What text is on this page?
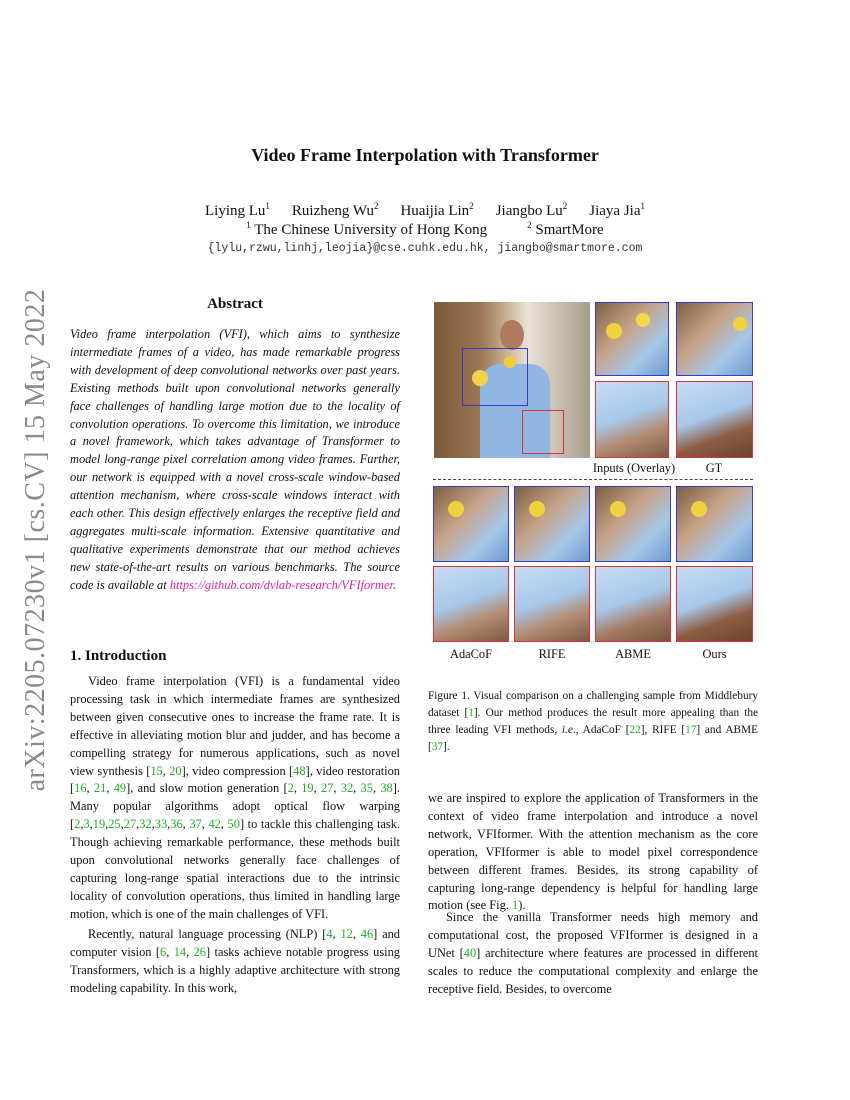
arXiv:2205.07230v1 [cs.CV] 15 May 2022
Video Frame Interpolation with Transformer
Liying Lu$^1$ Ruizheng Wu$^2$ Huaijia Lin$^2$ Jiangbo Lu$^2$ Jiaya Jia$^1$
$^1$ The Chinese University of Hong Kong	$^2$ SmartMore
{lylu,rzwu,linhj,leojia}@cse.cuhk.edu.hk, jiangbo@smartmore.com
Abstract
Video frame interpolation (VFI), which aims to synthesize intermediate frames of a video, has made remarkable progress with development of deep convolutional networks over past years. Existing methods built upon convolutional networks generally face challenges of handling large motion due to the locality of convolution operations. To overcome this limitation, we introduce a novel framework, which takes advantage of Transformer to model long-range pixel correlation among video frames. Further, our network is equipped with a novel cross-scale window-based attention mechanism, where cross-scale windows interact with each other. This design effectively enlarges the receptive field and aggregates multi-scale information. Extensive quantitative and qualitative experiments demonstrate that our method achieves new state-of-the-art results on various benchmarks. The source code is available at https://github.com/dvlab-research/VFIformer.
1. Introduction
Video frame interpolation (VFI) is a fundamental video processing task in which intermediate frames are synthesized between given consecutive ones to increase the frame rate. It is effective in alleviating motion blur and judder, and has become a compelling strategy for numerous applications, such as novel view synthesis [15, 20], video compression [48], video restoration [16, 21, 49], and slow motion generation [2, 19, 27, 32, 35, 38]. Many popular algorithms adopt optical flow warping [2,3,19,25,27,32,33,36, 37, 42, 50] to tackle this challenging task. Though achieving remarkable performance, these methods built upon convolutional networks generally face challenges of capturing long-range spatial interactions due to the intrinsic locality of convolution operations, thus limited in handling large motion, which is one of the main challenges of VFI.
Recently, natural language processing (NLP) [4, 12, 46] and computer vision [6, 14, 26] tasks achieve notable progress using Transformers, which is a highly adaptive architecture with strong modeling capability. In this work,
Inputs (Overlay)	GT
AdaCoF	RIFE	ABME	Ours
Figure 1. Visual comparison on a challenging sample from Middlebury dataset [1]. Our method produces the result more appealing than the three leading VFI methods, i.e., AdaCoF [22], RIFE [17] and ABME [37].
we are inspired to explore the application of Transformers in the context of video frame interpolation and introduce a novel network, VFIformer. With the attention mechanism as the core operation, VFIformer is able to model pixel correspondence between different frames. Besides, its strong capability of capturing long-range dependency is helpful for handling large motion (see Fig. 1).
Since the vanilla Transformer needs high memory and computational cost, the proposed VFIformer is designed in a UNet [40] architecture where features are processed in different scales to reduce the computational complexity and enlarge the receptive field. Besides, to overcome
